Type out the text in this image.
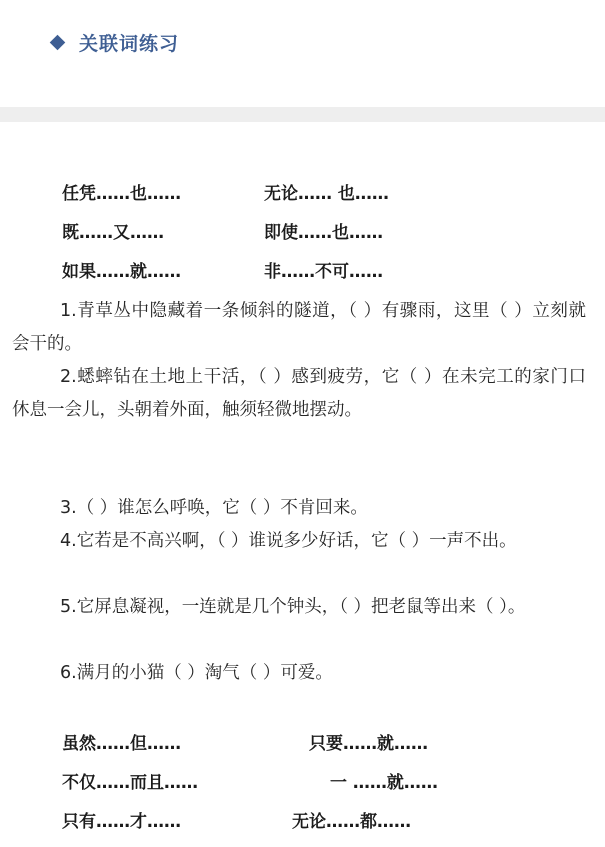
关联词练习
任凭……也……	无论…… 也……
既……又……	即使……也……
如果……就……	非……不可……
1.青草丛中隐藏着一条倾斜的隧道，（ ）有骤雨，这里（ ）立刻就会干的。
2.蟋蟀钻在土地上干活，（ ）感到疲劳，它（ ）在未完工的家门口休息一会儿，头朝着外面，触须轻微地摆动。
3.（ ）谁怎么呼唤，它（ ）不肯回来。
4.它若是不高兴啊，（ ）谁说多少好话，它（ ）一声不出。
5.它屏息凝视，一连就是几个钟头，（ ）把老鼠等出来（ ）。
6.满月的小猫（ ）淘气（ ）可爱。
虽然……但……	只要……就……
不仅……而且……	一 ……就……
只有……才……	无论……都……
